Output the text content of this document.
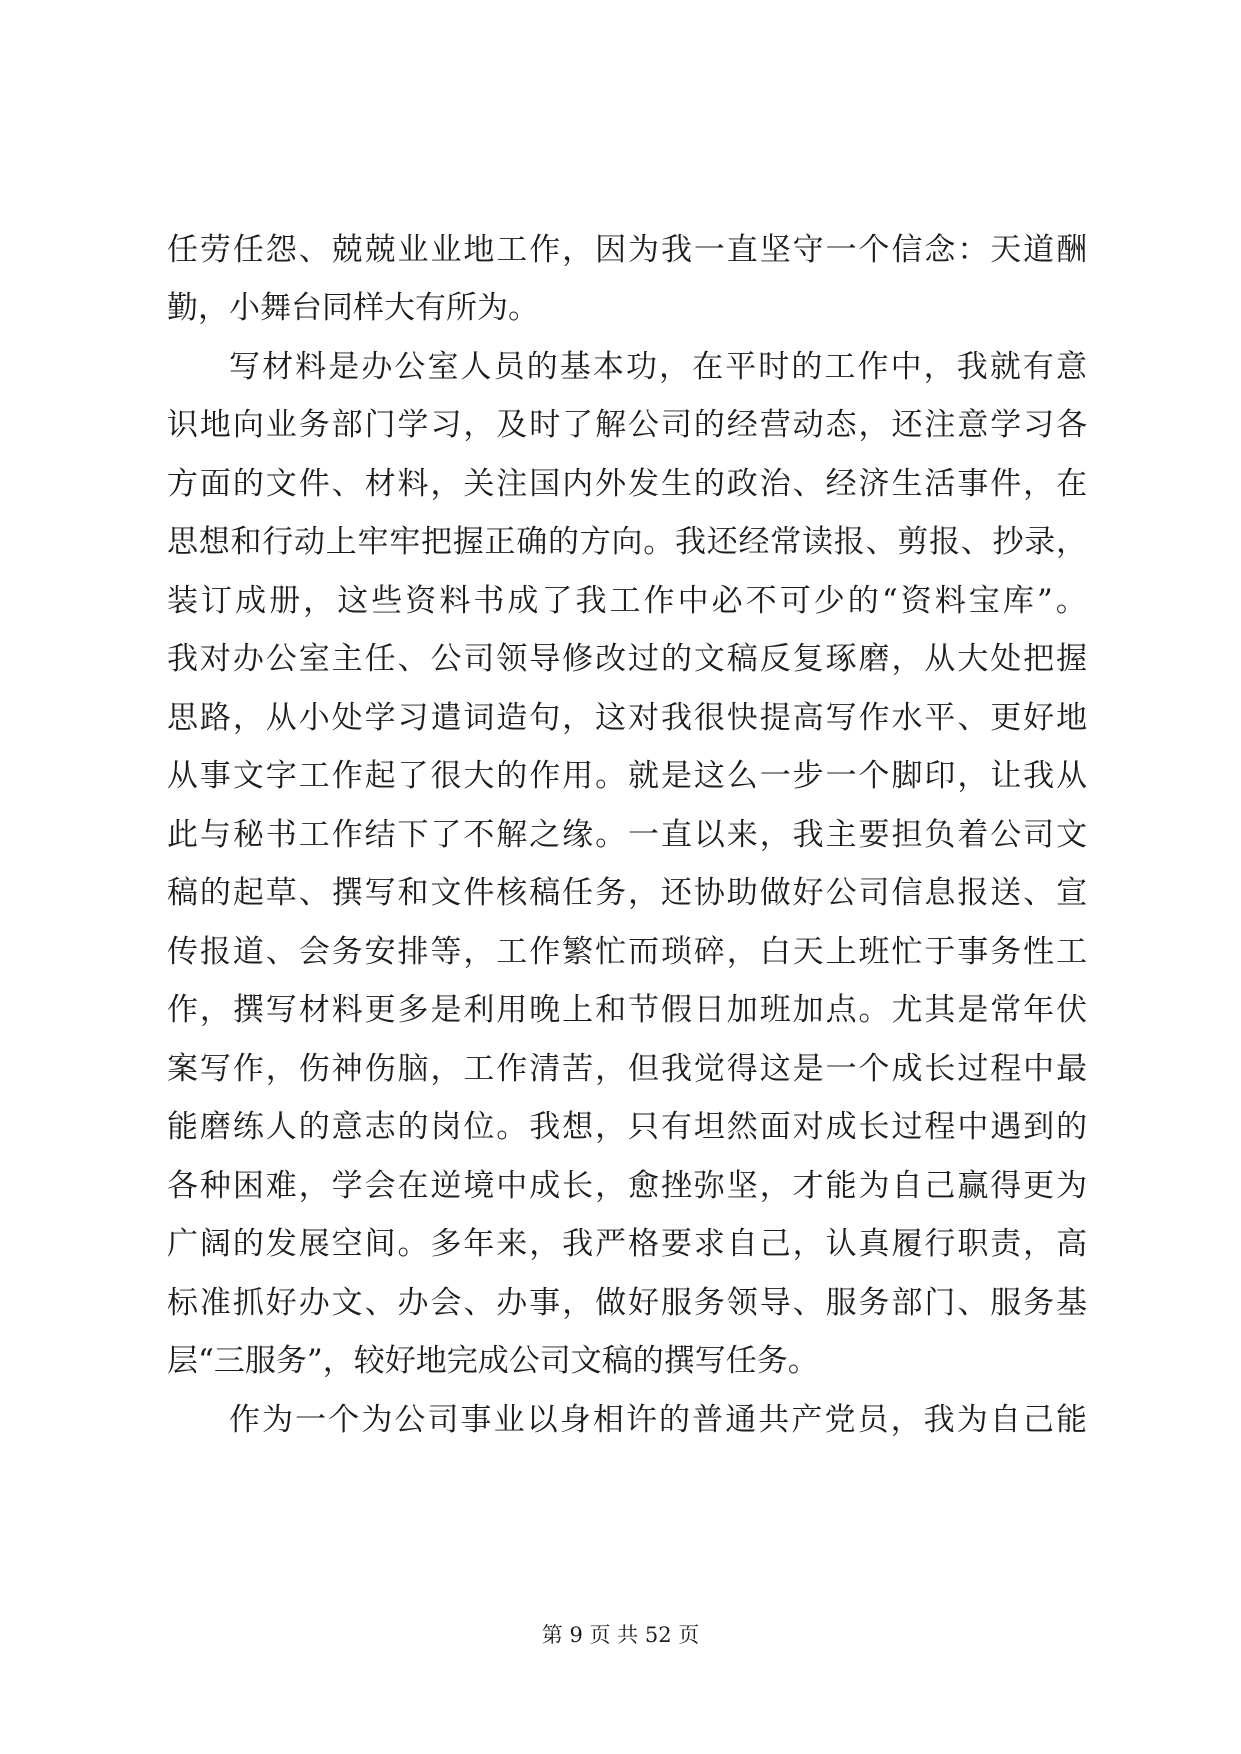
任劳任怨、兢兢业业地工作，因为我一直坚守一个信念：天道酬
勤，小舞台同样大有所为。
写材料是办公室人员的基本功，在平时的工作中，我就有意
识地向业务部门学习，及时了解公司的经营动态，还注意学习各
方面的文件、材料，关注国内外发生的政治、经济生活事件，在
思想和行动上牢牢把握正确的方向。我还经常读报、剪报、抄录，
装订成册，这些资料书成了我工作中必不可少的“资料宝库”。
我对办公室主任、公司领导修改过的文稿反复琢磨，从大处把握
思路，从小处学习遣词造句，这对我很快提高写作水平、更好地
从事文字工作起了很大的作用。就是这么一步一个脚印，让我从
此与秘书工作结下了不解之缘。一直以来，我主要担负着公司文
稿的起草、撰写和文件核稿任务，还协助做好公司信息报送、宣
传报道、会务安排等，工作繁忙而琐碎，白天上班忙于事务性工
作，撰写材料更多是利用晚上和节假日加班加点。尤其是常年伏
案写作，伤神伤脑，工作清苦，但我觉得这是一个成长过程中最
能磨练人的意志的岗位。我想，只有坦然面对成长过程中遇到的
各种困难，学会在逆境中成长，愈挫弥坚，才能为自己赢得更为
广阔的发展空间。多年来，我严格要求自己，认真履行职责，高
标准抓好办文、办会、办事，做好服务领导、服务部门、服务基
层“三服务”，较好地完成公司文稿的撰写任务。
作为一个为公司事业以身相许的普通共产党员，我为自己能
第 9 页 共 52 页
